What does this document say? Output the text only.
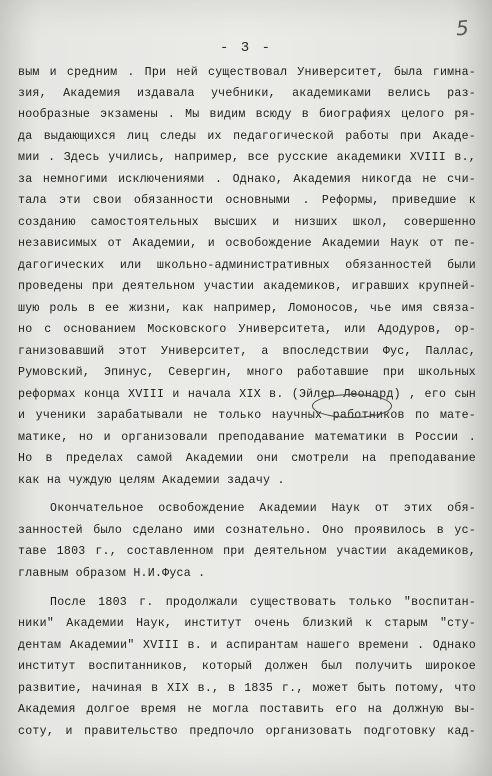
- 3 -
5
вым и средним . При ней существовал Университет, была гимна-
зия, Академия издавала учебники, академиками велись раз-
нообразные экзамены . Мы видим всюду в биографиях целого ря-
да выдающихся лиц следы их педагогической работы при Акаде-
мии . Здесь учились, например, все русские академики XVIII в.,
за немногими исключениями . Однако, Академия никогда не счи-
тала эти свои обязанности основными . Реформы, приведшие к
созданию самостоятельных высших и низших школ, совершенно
независимых от Академии, и освобождение Академии Наук от пе-
дагогических или школьно-административных обязанностей были
проведены при деятельном участии академиков, игравших крупней-
шую роль в ее жизни, как например, Ломоносов, чье имя связа-
но с основанием Московского Университета, или Адодуров, ор-
ганизовавший этот Университет, а впоследствии Фус, Паллас,
Румовский, Эпинус, Севергин, много работавшие при школьных
реформах конца XVIII и начала XIX в. (Эйлер Леонард) , его сын
и ученики зарабатывали не только научных работников по мате-
матике, но и организовали преподавание математики в России .
Но в пределах самой Академии они смотрели на преподавание
как на чуждую целям Академии задачу .
Окончательное освобождение Академии Наук от этих обя-
занностей было сделано ими сознательно. Оно проявилось в ус-
таве 1803 г., составленном при деятельном участии академиков,
главным образом Н.И.Фуса .
После 1803 г. продолжали существовать только "воспитан-
ники" Академии Наук, институт очень близкий к старым "сту-
дентам Академии" XVIII в. и аспирантам нашего времени . Однако
институт воспитанников, который должен был получить широкое
развитие, начиная в XIX в., в 1835 г., может быть потому, что
Академия долгое время не могла поставить его на должную вы-
соту, и правительство предпочло организовать подготовку кад-
